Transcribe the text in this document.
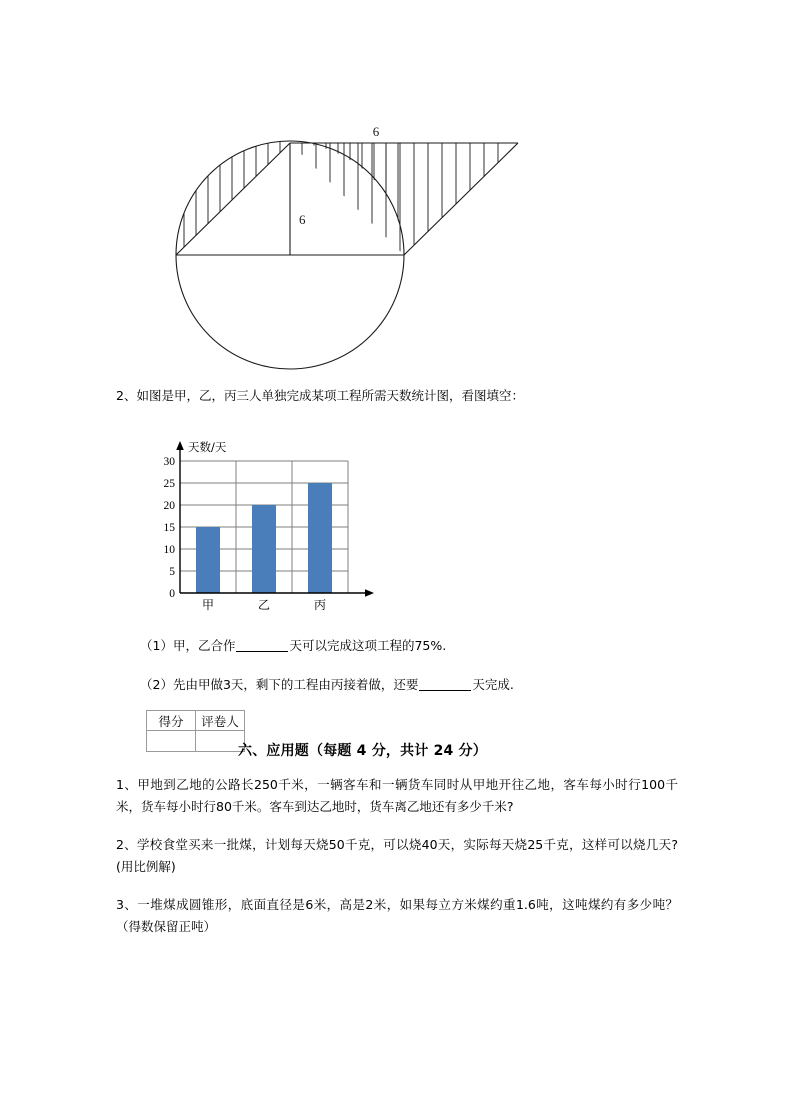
6
6
2、如图是甲，乙，丙三人单独完成某项工程所需天数统计图，看图填空：
0
5
10
15
20
25
30
甲	乙	丙
天数/天
（1）甲，乙合作	天可以完成这项工程的75%.
（2）先由甲做3天，剩下的工程由丙接着做，还要	天完成.
得分	评卷人

六、应用题（每题 4 分，共计 24 分）
1、甲地到乙地的公路长250千米，一辆客车和一辆货车同时从甲地开往乙地，客车每小时行100千米，货车每小时行80千米。客车到达乙地时，货车离乙地还有多少千米?
2、学校食堂买来一批煤，计划每天烧50千克，可以烧40天，实际每天烧25千克，这样可以烧几天?(用比例解)
3、一堆煤成圆锥形，底面直径是6米，高是2米，如果每立方米煤约重1.6吨，这吨煤约有多少吨？（得数保留正吨）
